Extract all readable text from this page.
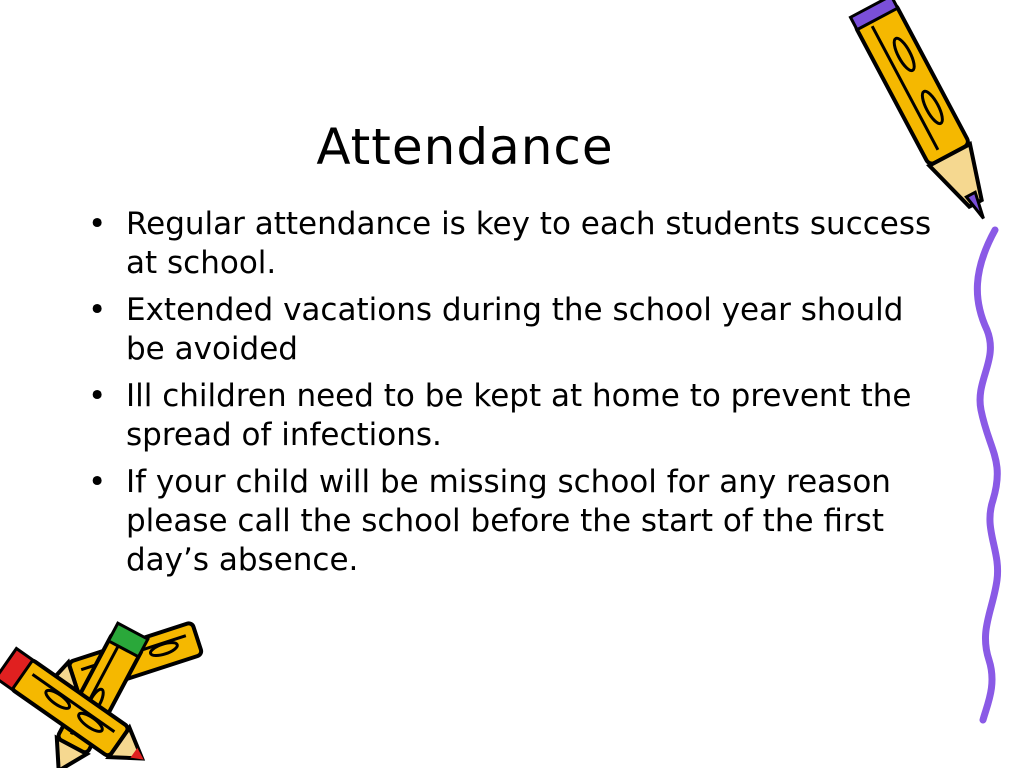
Attendance
• Regular attendance is key to each students success at school.
• Extended vacations during the school year should be avoided
• Ill children need to be kept at home to prevent the spread of infections.
• If your child will be missing school for any reason please call the school before the start of the first day’s absence.
